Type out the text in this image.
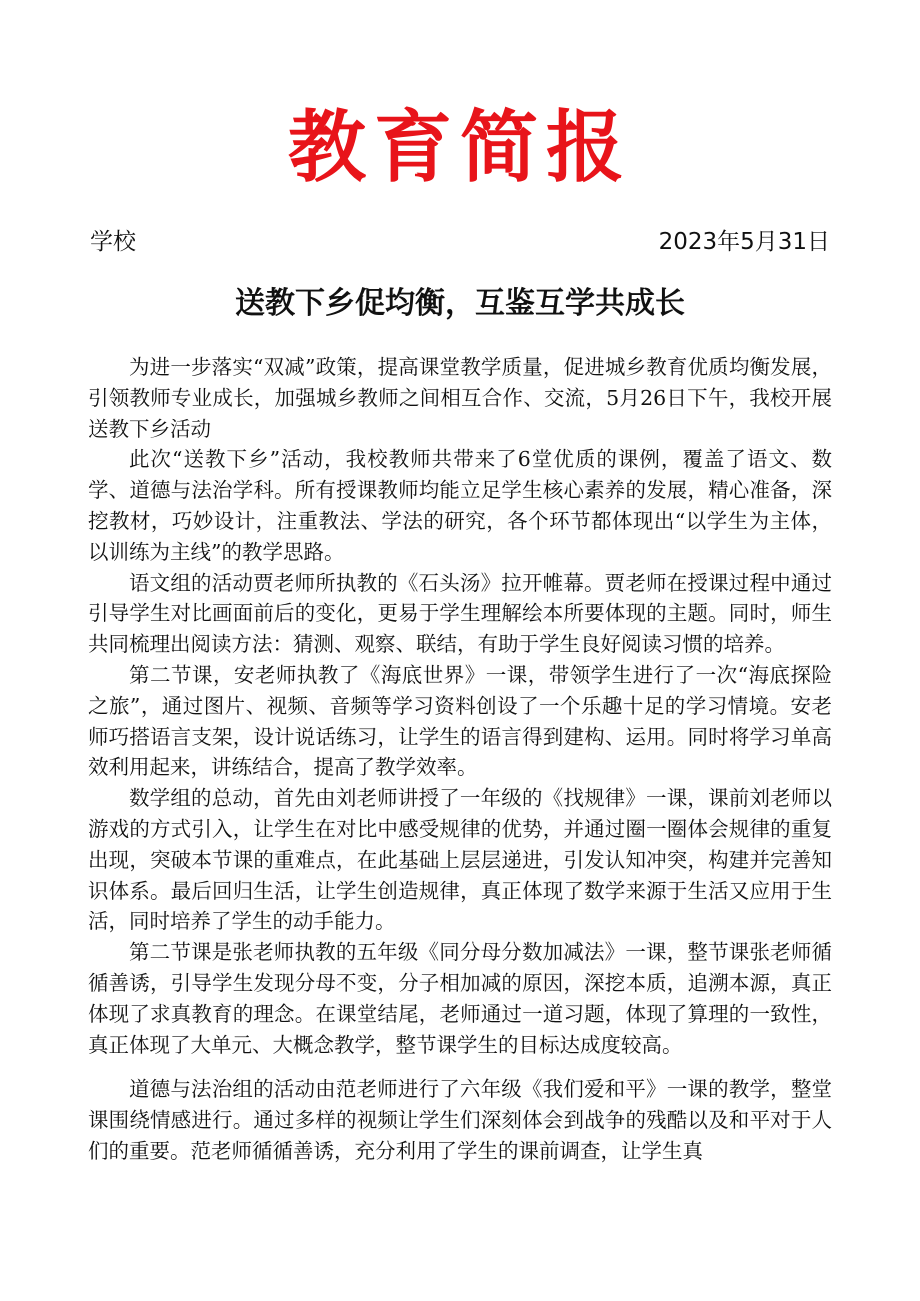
教育简报
学校	2023年5月31日
送教下乡促均衡，互鉴互学共成长

为进一步落实“双减”政策，提高课堂教学质量，促进城乡教育优质均衡发展，引领教师专业成长，加强城乡教师之间相互合作、交流，5月26日下午，我校开展送教下乡活动

此次“送教下乡”活动，我校教师共带来了6堂优质的课例，覆盖了语文、数学、道德与法治学科。所有授课教师均能立足学生核心素养的发展，精心准备，深挖教材，巧妙设计，注重教法、学法的研究，各个环节都体现出“以学生为主体，以训练为主线”的教学思路。

语文组的活动贾老师所执教的《石头汤》拉开帷幕。贾老师在授课过程中通过引导学生对比画面前后的变化，更易于学生理解绘本所要体现的主题。同时，师生共同梳理出阅读方法：猜测、观察、联结，有助于学生良好阅读习惯的培养。

第二节课，安老师执教了《海底世界》一课，带领学生进行了一次“海底探险之旅”，通过图片、视频、音频等学习资料创设了一个乐趣十足的学习情境。安老师巧搭语言支架，设计说话练习，让学生的语言得到建构、运用。同时将学习单高效利用起来，讲练结合，提高了教学效率。

数学组的总动，首先由刘老师讲授了一年级的《找规律》一课，课前刘老师以游戏的方式引入，让学生在对比中感受规律的优势，并通过圈一圈体会规律的重复出现，突破本节课的重难点，在此基础上层层递进，引发认知冲突，构建并完善知识体系。最后回归生活，让学生创造规律，真正体现了数学来源于生活又应用于生活，同时培养了学生的动手能力。

第二节课是张老师执教的五年级《同分母分数加减法》一课，整节课张老师循循善诱，引导学生发现分母不变，分子相加减的原因，深挖本质，追溯本源，真正体现了求真教育的理念。在课堂结尾，老师通过一道习题，体现了算理的一致性，真正体现了大单元、大概念教学，整节课学生的目标达成度较高。

道德与法治组的活动由范老师进行了六年级《我们爱和平》一课的教学，整堂课围绕情感进行。通过多样的视频让学生们深刻体会到战争的残酷以及和平对于人们的重要。范老师循循善诱，充分利用了学生的课前调查，让学生真
